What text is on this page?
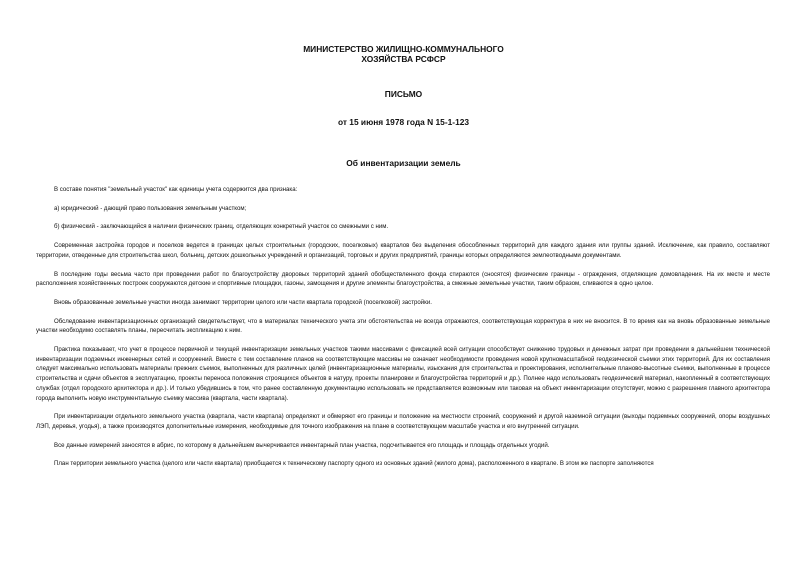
МИНИСТЕРСТВО ЖИЛИЩНО-КОММУНАЛЬНОГО
ХОЗЯЙСТВА РСФСР
ПИСЬМО
от 15 июня 1978 года N 15-1-123
Об инвентаризации земель

В составе понятия "земельный участок" как единицы учета содержится два признака:

а) юридический - дающий право пользования земельным участком;

б) физический - заключающийся в наличии физических границ, отделяющих конкретный участок со смежными с ним.

Современная застройка городов и поселков ведется в границах целых строительных (городских, поселковых) кварталов без выделения обособленных территорий для каждого здания или группы зданий. Исключение, как правило, составляют территории, отведенные для строительства школ, больниц, детских дошкольных учреждений и организаций, торговых и других предприятий, границы которых определяются землеотводными документами.

В последние годы весьма часто при проведении работ по благоустройству дворовых территорий зданий обобществленного фонда стираются (сносятся) физические границы - ограждения, отделяющие домовладения. На их месте и месте расположения хозяйственных построек сооружаются детские и спортивные площадки, газоны, замощения и другие элементы благоустройства, а смежные земельные участки, таким образом, сливаются в одно целое.

Вновь образованные земельные участки иногда занимают территории целого или части квартала городской (поселковой) застройки.

Обследование инвентаризационных организаций свидетельствует, что в материалах технического учета эти обстоятельства не всегда отражаются, соответствующая корректура в них не вносится. В то время как на вновь образованные земельные участки необходимо составлять планы, пересчитать экспликацию к ним.

Практика показывает, что учет в процессе первичной и текущей инвентаризации земельных участков такими массивами с фиксацией всей ситуации способствует снижению трудовых и денежных затрат при проведении в дальнейшем технической инвентаризации подземных инженерных сетей и сооружений. Вместе с тем составление планов на соответствующие массивы не означает необходимости проведения новой крупномасштабной геодезической съемки этих территорий. Для их составления следует максимально использовать материалы прежних съемок, выполненных для различных целей (инвентаризационные материалы, изыскания для строительства и проектирования, исполнительные планово-высотные съемки, выполненные в процессе строительства и сдачи объектов в эксплуатацию, проекты переноса положения строящихся объектов в натуру, проекты планировки и благоустройства территорий и др.). Полнее надо использовать геодезический материал, накопленный в соответствующих службах (отдел городского архитектора и др.). И только убедившись в том, что ранее составленную документацию использовать не представляется возможным или таковая на объект инвентаризации отсутствует, можно с разрешения главного архитектора города выполнить новую инструментальную съемку массива (квартала, части квартала).

При инвентаризации отдельного земельного участка (квартала, части квартала) определяют и обмеряют его границы и положение на местности строений, сооружений и другой наземной ситуации (выходы подземных сооружений, опоры воздушных ЛЭП, деревья, угодья), а также производятся дополнительные измерения, необходимые для точного изображения на плане в соответствующем масштабе участка и его внутренней ситуации.

Все данные измерений заносятся в абрис, по которому в дальнейшем вычерчивается инвентарный план участка, подсчитывается его площадь и площадь отдельных угодий.

План территории земельного участка (целого или части квартала) приобщается к техническому паспорту одного из основных зданий (жилого дома), расположенного в квартале. В этом же паспорте заполняются
